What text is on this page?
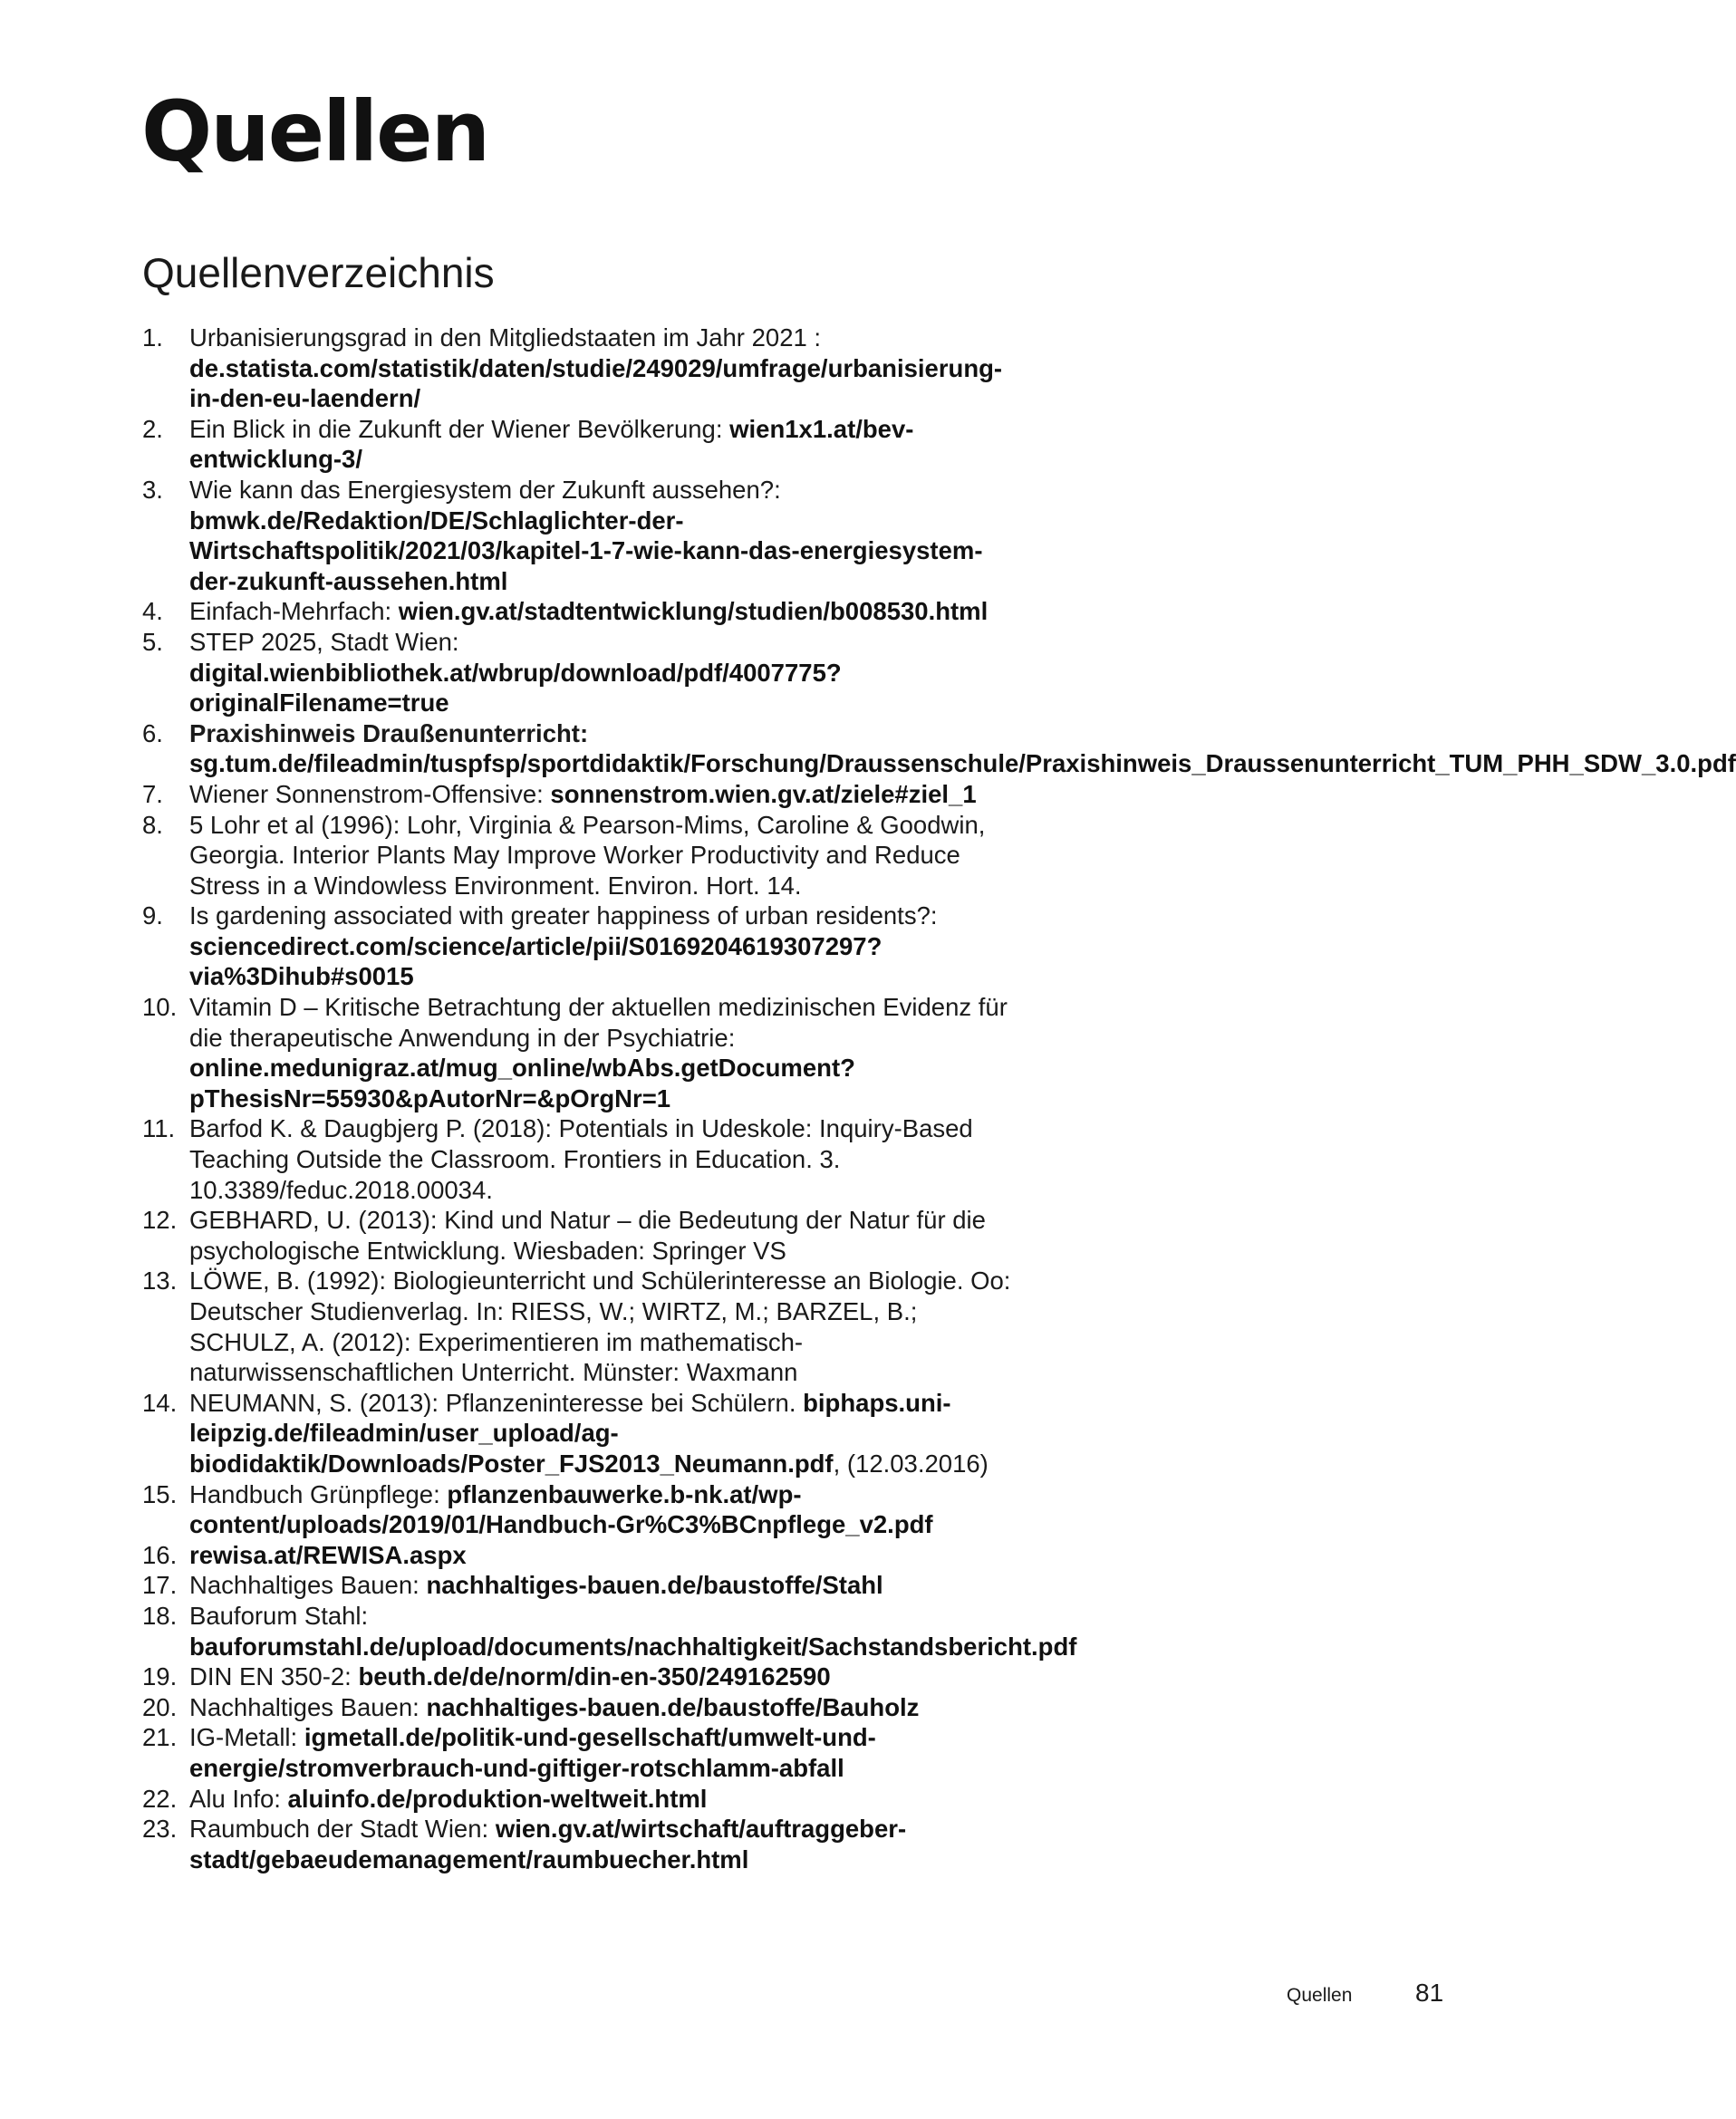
Quellen
Quellenverzeichnis
1. Urbanisierungsgrad in den Mitgliedstaaten im Jahr 2021 : de.statista.com/statistik/daten/studie/249029/umfrage/urbanisierung-in-den-eu-laendern/
2. Ein Blick in die Zukunft der Wiener Bevölkerung: wien1x1.at/bev-entwicklung-3/
3. Wie kann das Energiesystem der Zukunft aussehen?: bmwk.de/Redaktion/DE/Schlaglichter-der-Wirtschaftspolitik/2021/03/kapitel-1-7-wie-kann-das-energiesystem-der-zukunft-aussehen.html
4. Einfach-Mehrfach: wien.gv.at/stadtentwicklung/studien/b008530.html
5. STEP 2025, Stadt Wien: digital.wienbibliothek.at/wbrup/download/pdf/4007775?originalFilename=true
6. Praxishinweis Draußenunterricht: sg.tum.de/fileadmin/tuspfsp/sportdidaktik/Forschung/Draussenschule/Praxishinweis_Draussenunterricht_TUM_PHH_SDW_3.0.pdf
7. Wiener Sonnenstrom-Offensive: sonnenstrom.wien.gv.at/ziele#ziel_1
8. 5 Lohr et al (1996): Lohr, Virginia & Pearson-Mims, Caroline & Goodwin, Georgia. Interior Plants May Improve Worker Productivity and Reduce Stress in a Windowless Environment. Environ. Hort. 14.
9. Is gardening associated with greater happiness of urban residents?: sciencedirect.com/science/article/pii/S0169204619307297?via%3Dihub#s0015
10. Vitamin D – Kritische Betrachtung der aktuellen medizinischen Evidenz für die therapeutische Anwendung in der Psychiatrie: online.medunigraz.at/mug_online/wbAbs.getDocument?pThesisNr=55930&pAutorNr=&pOrgNr=1
11. Barfod K. & Daugbjerg P. (2018): Potentials in Udeskole: Inquiry-Based Teaching Outside the Classroom. Frontiers in Education. 3. 10.3389/feduc.2018.00034.
12. GEBHARD, U. (2013): Kind und Natur – die Bedeutung der Natur für die psychologische Entwicklung. Wiesbaden: Springer VS
13. LÖWE, B. (1992): Biologieunterricht und Schülerinteresse an Biologie. Oo: Deutscher Studienverlag. In: RIESS, W.; WIRTZ, M.; BARZEL, B.; SCHULZ, A. (2012): Experimentieren im mathematisch-naturwissenschaftlichen Unterricht. Münster: Waxmann
14. NEUMANN, S. (2013): Pflanzeninteresse bei Schülern. biphaps.uni-leipzig.de/fileadmin/user_upload/ag-biodidaktik/Downloads/Poster_FJS2013_Neumann.pdf, (12.03.2016)
15. Handbuch Grünpflege: pflanzenbauwerke.b-nk.at/wp-content/uploads/2019/01/Handbuch-Gr%C3%BCnpflege_v2.pdf
16. rewisa.at/REWISA.aspx
17. Nachhaltiges Bauen: nachhaltiges-bauen.de/baustoffe/Stahl
18. Bauforum Stahl: bauforumstahl.de/upload/documents/nachhaltigkeit/Sachstandsbericht.pdf
19. DIN EN 350-2: beuth.de/de/norm/din-en-350/249162590
20. Nachhaltiges Bauen: nachhaltiges-bauen.de/baustoffe/Bauholz
21. IG-Metall: igmetall.de/politik-und-gesellschaft/umwelt-und-energie/stromverbrauch-und-giftiger-rotschlamm-abfall
22. Alu Info: aluinfo.de/produktion-weltweit.html
23. Raumbuch der Stadt Wien: wien.gv.at/wirtschaft/auftraggeber-stadt/gebaeudemanagement/raumbuecher.html
Quellen 81
